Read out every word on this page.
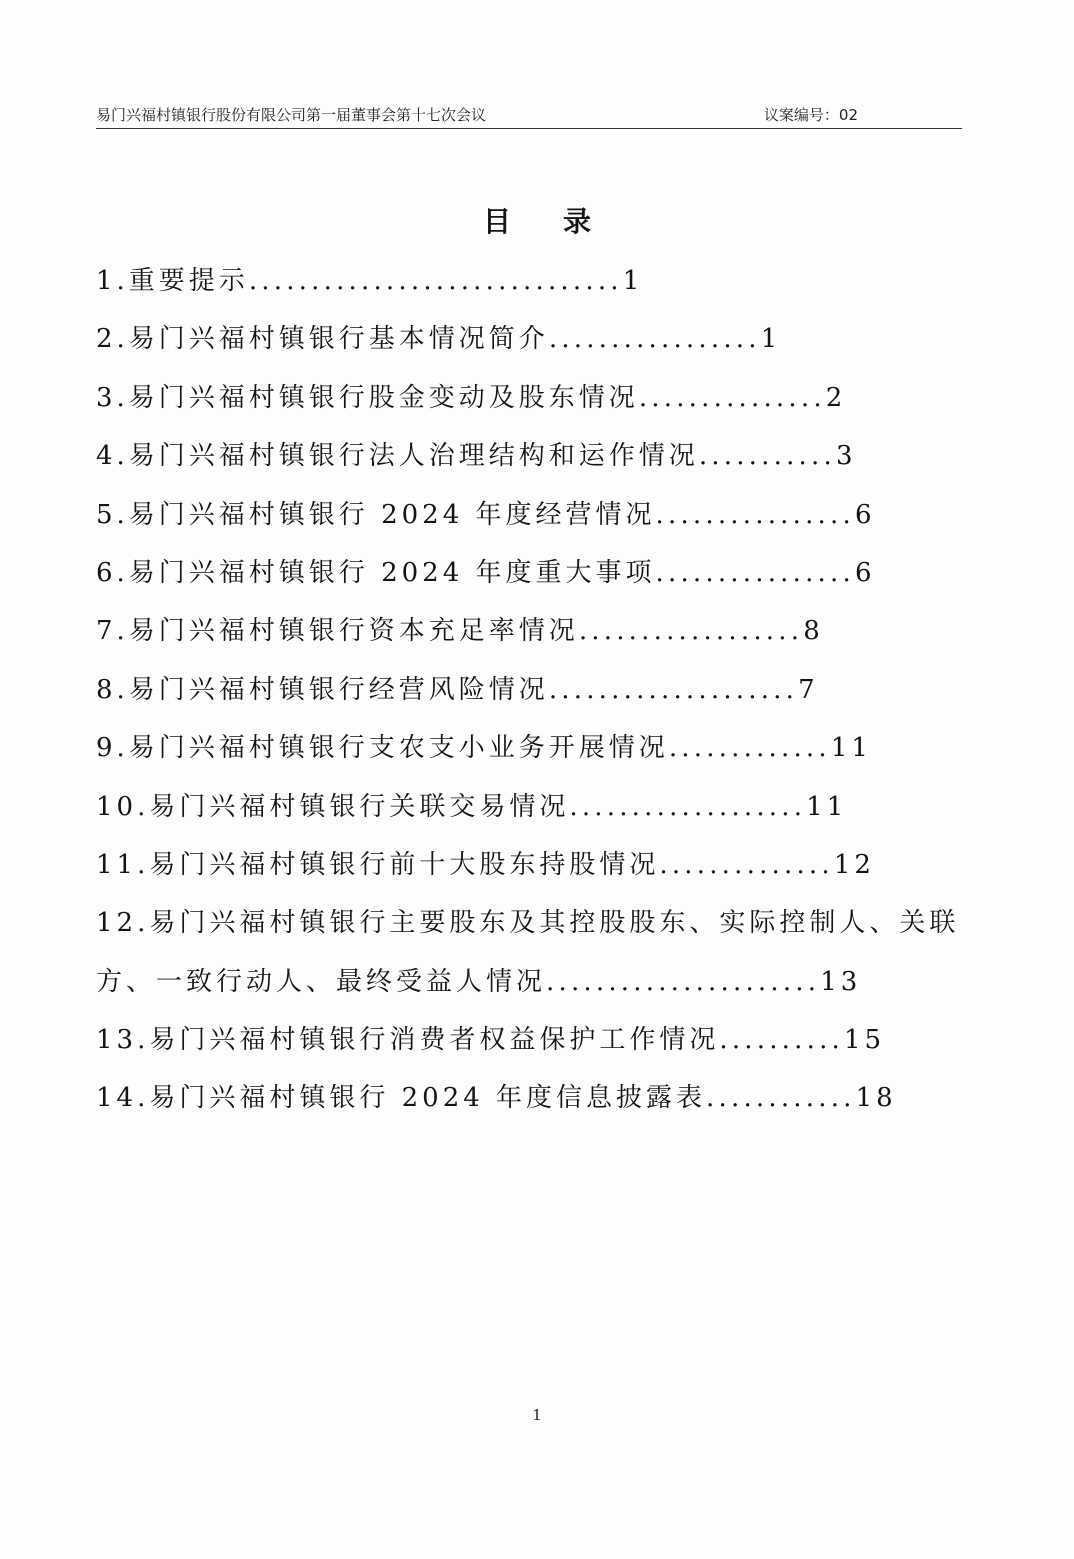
易门兴福村镇银行股份有限公司第一届董事会第十七次会议	议案编号：02
目录
1.重要提示..............................1
2.易门兴福村镇银行基本情况简介.................1
3.易门兴福村镇银行股金变动及股东情况...............2
4.易门兴福村镇银行法人治理结构和运作情况...........3
5.易门兴福村镇银行 2024 年度经营情况................6
6.易门兴福村镇银行 2024 年度重大事项................6
7.易门兴福村镇银行资本充足率情况..................8
8.易门兴福村镇银行经营风险情况....................7
9.易门兴福村镇银行支农支小业务开展情况.............11
10.易门兴福村镇银行关联交易情况...................11
11.易门兴福村镇银行前十大股东持股情况..............12
12.易门兴福村镇银行主要股东及其控股股东、实际控制人、关联
方、一致行动人、最终受益人情况......................13
13.易门兴福村镇银行消费者权益保护工作情况..........15
14.易门兴福村镇银行 2024 年度信息披露表............18
1
